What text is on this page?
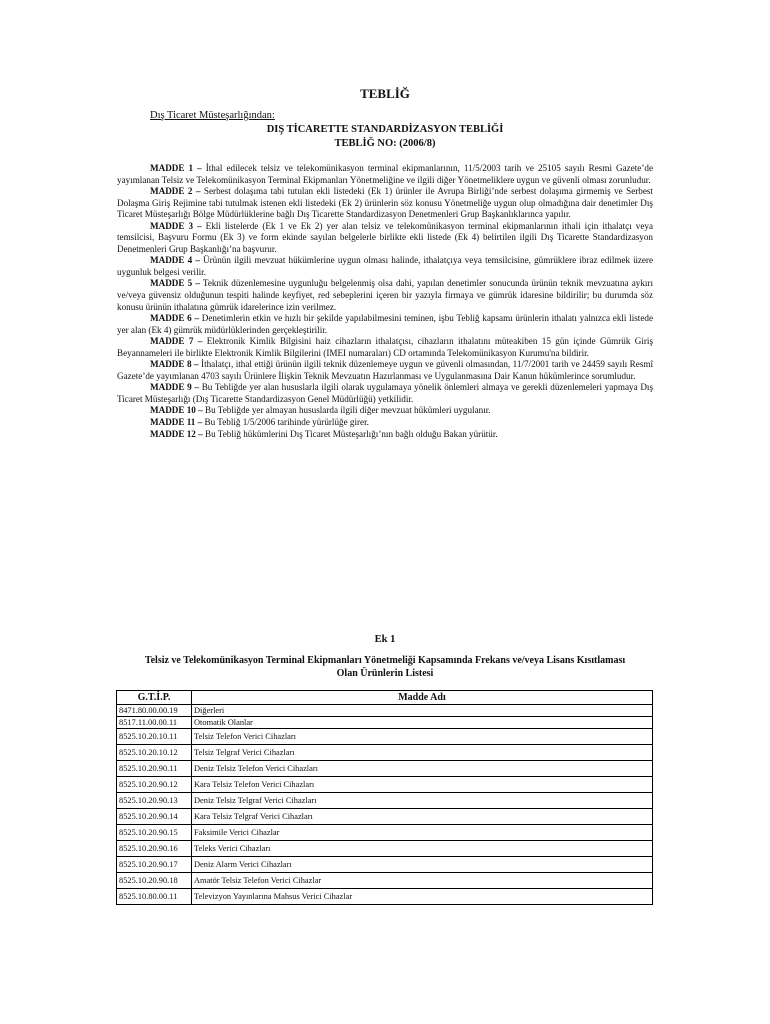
TEBLİĞ
Dış Ticaret Müsteşarlığından:
DIŞ TİCARETTE STANDARDİZASYON TEBLİĞİ
TEBLİĞ NO: (2006/8)

MADDE 1 – İthal edilecek telsiz ve telekomünikasyon terminal ekipmanlarının, 11/5/2003 tarih ve 25105 sayılı Resmi Gazete’de yayımlanan Telsiz ve Telekomünikasyon Terminal Ekipmanları Yönetmeliğine ve ilgili diğer Yönetmeliklere uygun ve güvenli olması zorunludur.

MADDE 2 – Serbest dolaşıma tabi tutulan ekli listedeki (Ek 1) ürünler ile Avrupa Birliği’nde serbest dolaşıma girmemiş ve Serbest Dolaşma Giriş Rejimine tabi tutulmak istenen ekli listedeki (Ek 2) ürünlerin söz konusu Yönetmeliğe uygun olup olmadığına dair denetimler Dış Ticaret Müsteşarlığı Bölge Müdürlüklerine bağlı Dış Ticarette Standardizasyon Denetmenleri Grup Başkanlıklarınca yapılır.

MADDE 3 – Ekli listelerde (Ek 1 ve Ek 2) yer alan telsiz ve telekomünikasyon terminal ekipmanlarının ithali için ithalatçı veya temsilcisi, Başvuru Formu (Ek 3) ve form ekinde sayılan belgelerle birlikte ekli listede (Ek 4) belirtilen ilgili Dış Ticarette Standardizasyon Denetmenleri Grup Başkanlığı’na başvurur.

MADDE 4 – Ürünün ilgili mevzuat hükümlerine uygun olması halinde, ithalatçıya veya temsilcisine, gümrüklere ibraz edilmek üzere uygunluk belgesi verilir.

MADDE 5 – Teknik düzenlemesine uygunluğu belgelenmiş olsa dahi, yapılan denetimler sonucunda ürünün teknik mevzuatına aykırı ve/veya güvensiz olduğunun tespiti halinde keyfiyet, red sebeplerini içeren bir yazıyla firmaya ve gümrük idaresine bildirilir; bu durumda söz konusu ürünün ithalatına gümrük idarelerince izin verilmez.

MADDE 6 – Denetimlerin etkin ve hızlı bir şekilde yapılabilmesini teminen, işbu Tebliğ kapsamı ürünlerin ithalatı yalnızca ekli listede yer alan (Ek 4) gümrük müdürlüklerinden gerçekleştirilir.

MADDE 7 – Elektronik Kimlik Bilgisini haiz cihazların ithalatçısı, cihazların ithalatını müteakiben 15 gün içinde Gümrük Giriş Beyannameleri ile birlikte Elektronik Kimlik Bilgilerini (IMEI numaraları) CD ortamında Telekomünikasyon Kurumu'na bildirir.

MADDE 8 – İthalatçı, ithal ettiği ürünün ilgili teknik düzenlemeye uygun ve güvenli olmasından, 11/7/2001 tarih ve 24459 sayılı Resmî Gazete’de yayımlanan 4703 sayılı Ürünlere İlişkin Teknik Mevzuatın Hazırlanması ve Uygulanmasına Dair Kanun hükümlerince sorumludur.

MADDE 9 – Bu Tebliğde yer alan hususlarla ilgili olarak uygulamaya yönelik önlemleri almaya ve gerekli düzenlemeleri yapmaya Dış Ticaret Müsteşarlığı (Dış Ticarette Standardizasyon Genel Müdürlüğü) yetkilidir.

MADDE 10 – Bu Tebliğde yer almayan hususlarda ilgili diğer mevzuat hükümleri uygulanır.

MADDE 11 – Bu Tebliğ 1/5/2006 tarihinde yürürlüğe girer.

MADDE 12 – Bu Tebliğ hükümlerini Dış Ticaret Müsteşarlığı’nın bağlı olduğu Bakan yürütür.

Ek 1
Telsiz ve Telekomünikasyon Terminal Ekipmanları Yönetmeliği Kapsamında Frekans ve/veya Lisans Kısıtlaması Olan Ürünlerin Listesi
G.T.İ.P.	Madde Adı
8471.80.00.00.19	Diğerleri
8517.11.00.00.11	Otomatik Olanlar
8525.10.20.10.11	Telsiz Telefon Verici Cihazları
8525.10.20.10.12	Telsiz Telgraf Verici Cihazları
8525.10.20.90.11	Deniz Telsiz Telefon Verici Cihazları
8525.10.20.90.12	Kara Telsiz Telefon Verici Cihazları
8525.10.20.90.13	Deniz Telsiz Telgraf Verici Cihazları
8525.10.20.90.14	Kara Telsiz Telgraf Verici Cihazları
8525.10.20.90.15	Faksimile Verici Cihazlar
8525.10.20.90.16	Teleks Verici Cihazları
8525.10.20.90.17	Deniz Alarm Verici Cihazları
8525.10.20.90.18	Amatör Telsiz Telefon Verici Cihazlar
8525.10.80.00.11	Televizyon Yayınlarına Mahsus Verici Cihazlar
